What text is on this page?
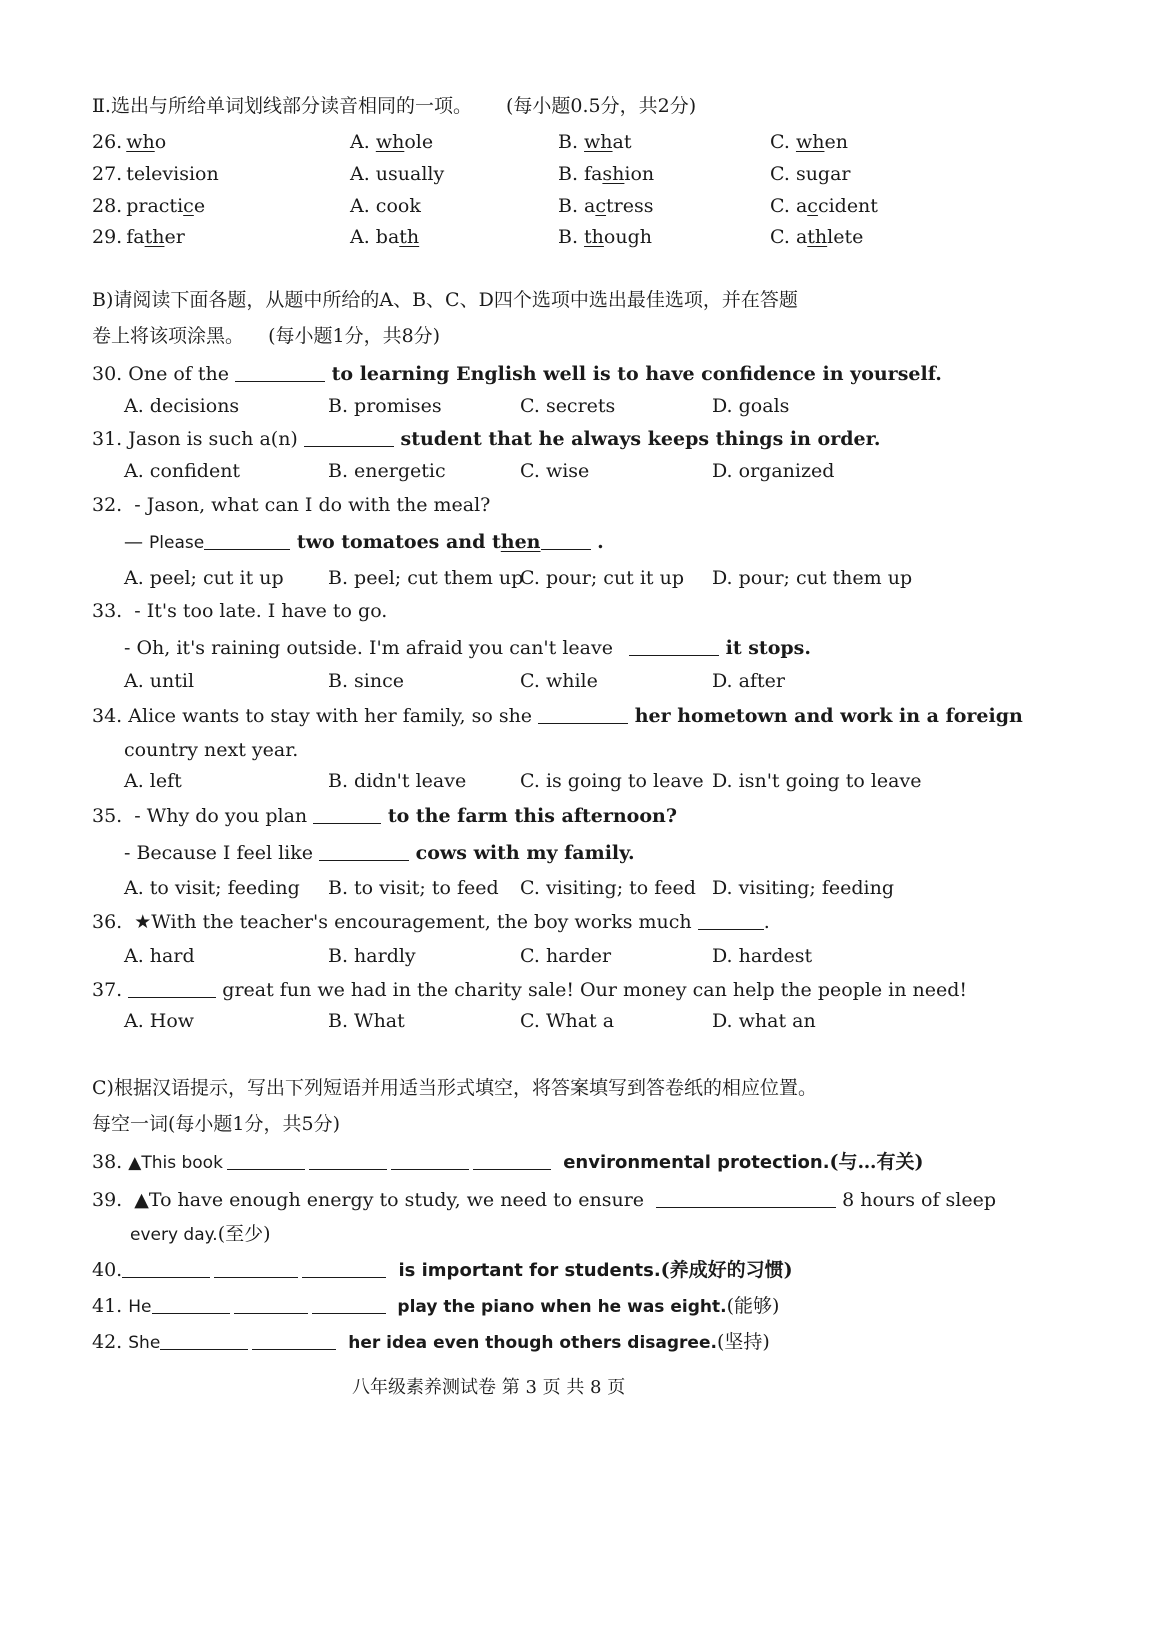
Ⅱ.选出与所给单词划线部分读音相同的一项。 (每小题0.5分，共2分)
26. who	A. whole	B. what	C. when
27. television	A. usually	B. fashion	C. sugar
28. practice	A. cook	B. actress	C. accident
29. father	A. bath	B. though	C. athlete
B)请阅读下面各题，从题中所给的A、B、C、D四个选项中选出最佳选项，并在答题
卷上将该项涂黑。 (每小题1分，共8分)
30. One of the	to learning English well is to have confidence in yourself.
A. decisions	B. promises	C. secrets	D. goals
31. Jason is such a(n)	student that he always keeps things in order.
A. confident	B. energetic	C. wise	D. organized
32. - Jason, what can I do with the meal?
— Please	two tomatoes and then	.
A. peel; cut it up B. peel; cut them up
C. pour; cut it up D. pour; cut them up
33. - It's too late. I have to go.
- Oh, it's raining outside. I'm afraid you can't leave	it stops.
A. until	B. since	C. while	D. after
34. Alice wants to stay with her family, so she	her hometown and work in a foreign
country next year.
A. left	B. didn't leave	C. is going to leave D. isn't going to leave
35. - Why do you plan	to the farm this afternoon?
- Because I feel like	cows with my family.
A. to visit; feeding B. to visit; to feed C. visiting; to feed D. visiting; feeding
36. ★With the teacher's encouragement, the boy works much	.
A. hard	B. hardly	C. harder	D. hardest
37.	great fun we had in the charity sale! Our money can help the people in need!
A. How	B. What	C. What a	D. what an
C)根据汉语提示，写出下列短语并用适当形式填空，将答案填写到答卷纸的相应位置。
每空一词(每小题1分，共5分)
38. ▲This book	environmental protection.(与…有关)
39. ▲To have enough energy to study, we need to ensure	8 hours of sleep
every day.(至少)
40.	is important for students.(养成好的习惯)
41. He	play the piano when he was eight.(能够)
42. She	her idea even though others disagree.(坚持)
八年级素养测试卷 第 3 页 共 8 页
